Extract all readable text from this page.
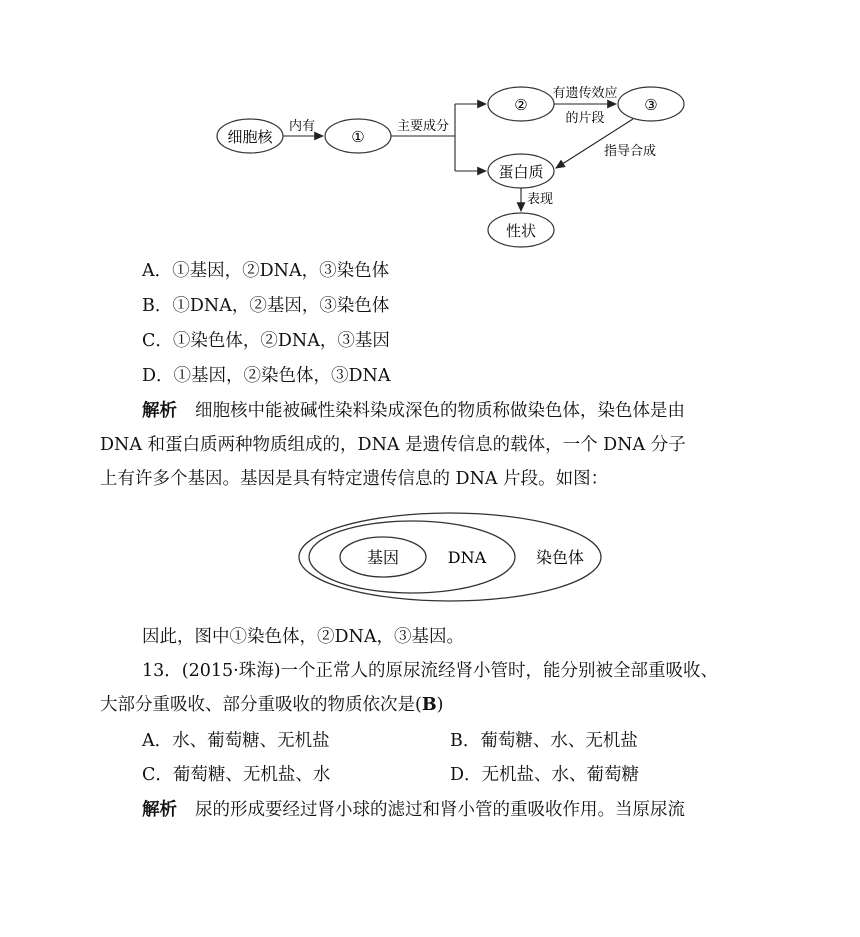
细胞核	①
②	③
蛋白质
性状
内有	主要成分
有遗传效应
的片段
指导合成
表现
A．①基因，②DNA，③染色体
B．①DNA，②基因，③染色体
C．①染色体，②DNA，③基因
D．①基因，②染色体，③DNA
解析 细胞核中能被碱性染料染成深色的物质称做染色体，染色体是由
DNA 和蛋白质两种物质组成的，DNA 是遗传信息的载体，一个 DNA 分子
上有许多个基因。基因是具有特定遗传信息的 DNA 片段。如图：
基因	DNA	染色体
因此，图中①染色体，②DNA，③基因。
13．(2015·珠海)一个正常人的原尿流经肾小管时，能分别被全部重吸收、
大部分重吸收、部分重吸收的物质依次是(B)
A．水、葡萄糖、无机盐	B．葡萄糖、水、无机盐
C．葡萄糖、无机盐、水	D．无机盐、水、葡萄糖
解析 尿的形成要经过肾小球的滤过和肾小管的重吸收作用。当原尿流
